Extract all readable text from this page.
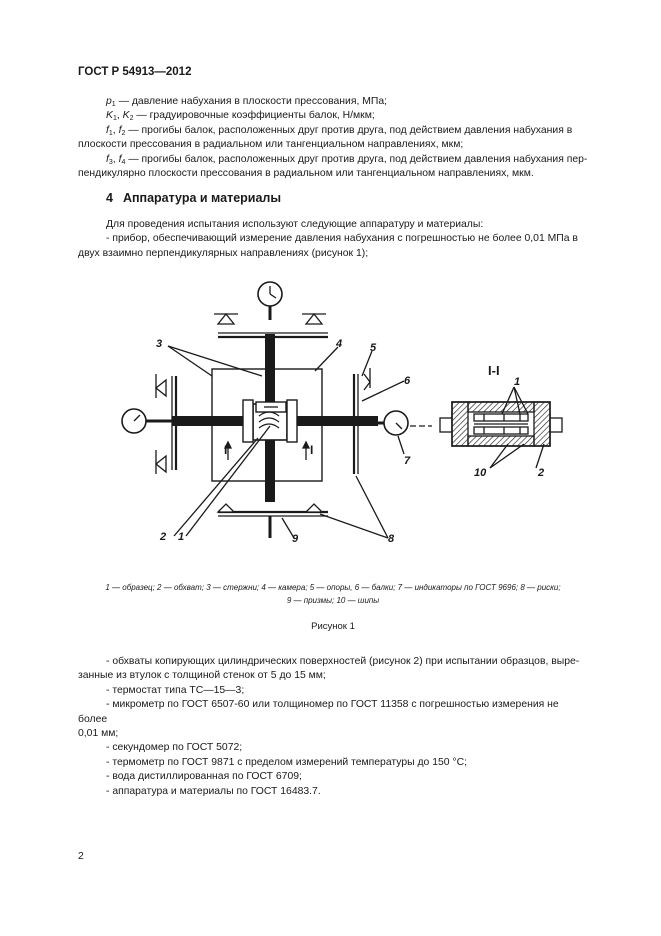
ГОСТ Р 54913—2012

$p_1$ — давление набухания в плоскости прессования, МПа;

$K_1$, $K_2$ — градуировочные коэффициенты балок, Н/мкм;

$f_1$, $f_2$ — прогибы балок, расположенных друг против друга, под действием давления набухания в

плоскости прессования в радиальном или тангенциальном направлениях, мкм;

$f_3$, $f_4$ — прогибы балок, расположенных друг против друга, под действием давления набухания пер-

пендикулярно плоскости прессования в радиальном или тангенциальном направлениях, мкм.

4 Аппаратура и материалы

Для проведения испытания используют следующие аппаратуру и материалы:

- прибор, обеспечивающий измерение давления набухания с погрешностью не более 0,01 МПа в

двух взаимно перпендикулярных направлениях (рисунок 1);

3	4	5
6
7
2 1	9	8
1
10	2
I	I
I-I
1 — образец; 2 — обхват; 3 — стержни; 4 — камера; 5 — опоры, 6 — балки; 7 — индикаторы по ГОСТ 9696; 8 — риски;
9 — призмы; 10 — шипы
Рисунок 1

- обхваты копирующих цилиндрических поверхностей (рисунок 2) при испытании образцов, выре-

занные из втулок с толщиной стенок от 5 до 15 мм;

- термостат типа ТС—15—3;

- микрометр по ГОСТ 6507-60 или толщиномер по ГОСТ 11358 с погрешностью измерения не более

0,01 мм;

- секундомер по ГОСТ 5072;

- термометр по ГОСТ 9871 с пределом измерений температуры до 150 °С;

- вода дистиллированная по ГОСТ 6709;

- аппаратура и материалы по ГОСТ 16483.7.

2
